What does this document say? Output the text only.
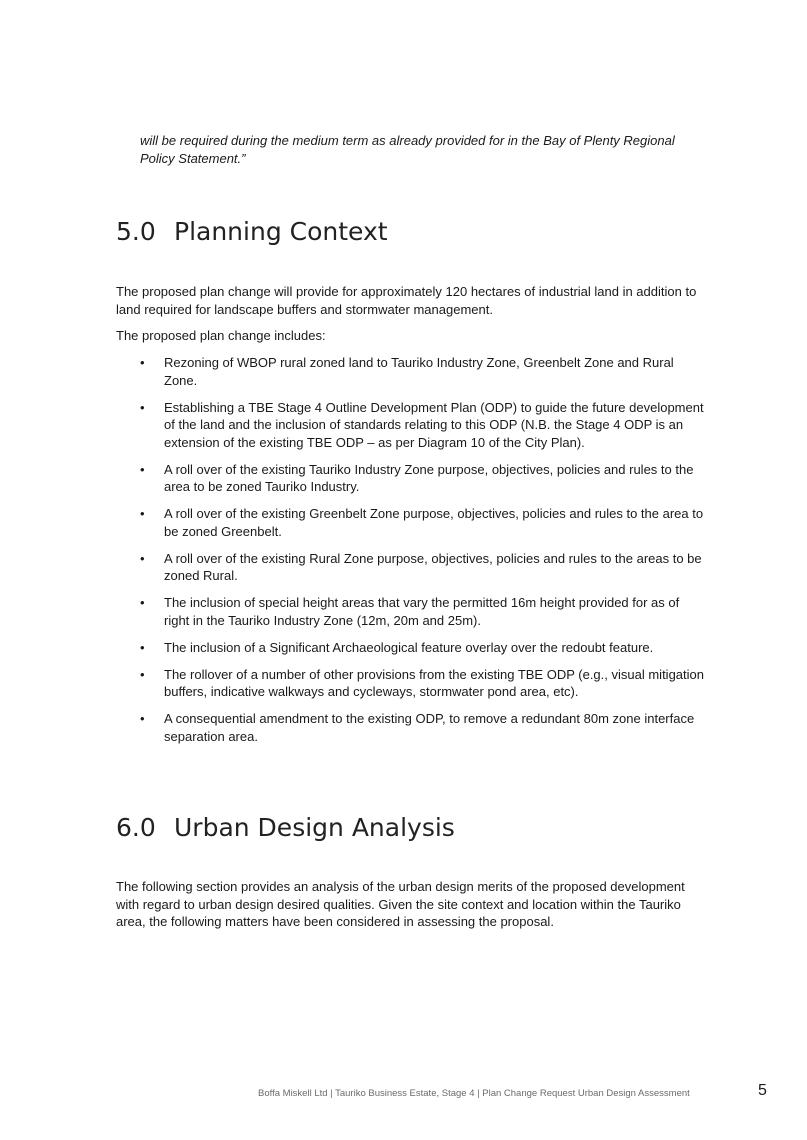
will be required during the medium term as already provided for in the Bay of Plenty Regional Policy Statement.”

5.0 Planning Context

The proposed plan change will provide for approximately 120 hectares of industrial land in addition to land required for landscape buffers and stormwater management.

The proposed plan change includes:

• Rezoning of WBOP rural zoned land to Tauriko Industry Zone, Greenbelt Zone and Rural Zone.
• Establishing a TBE Stage 4 Outline Development Plan (ODP) to guide the future development of the land and the inclusion of standards relating to this ODP (N.B. the Stage 4 ODP is an extension of the existing TBE ODP – as per Diagram 10 of the City Plan).
• A roll over of the existing Tauriko Industry Zone purpose, objectives, policies and rules to the area to be zoned Tauriko Industry.
• A roll over of the existing Greenbelt Zone purpose, objectives, policies and rules to the area to be zoned Greenbelt.
• A roll over of the existing Rural Zone purpose, objectives, policies and rules to the areas to be zoned Rural.
• The inclusion of special height areas that vary the permitted 16m height provided for as of right in the Tauriko Industry Zone (12m, 20m and 25m).
• The inclusion of a Significant Archaeological feature overlay over the redoubt feature.
• The rollover of a number of other provisions from the existing TBE ODP (e.g., visual mitigation buffers, indicative walkways and cycleways, stormwater pond area, etc).
• A consequential amendment to the existing ODP, to remove a redundant 80m zone interface separation area.
6.0 Urban Design Analysis

The following section provides an analysis of the urban design merits of the proposed development with regard to urban design desired qualities. Given the site context and location within the Tauriko area, the following matters have been considered in assessing the proposal.

Boffa Miskell Ltd | Tauriko Business Estate, Stage 4 | Plan Change Request Urban Design Assessment	5
